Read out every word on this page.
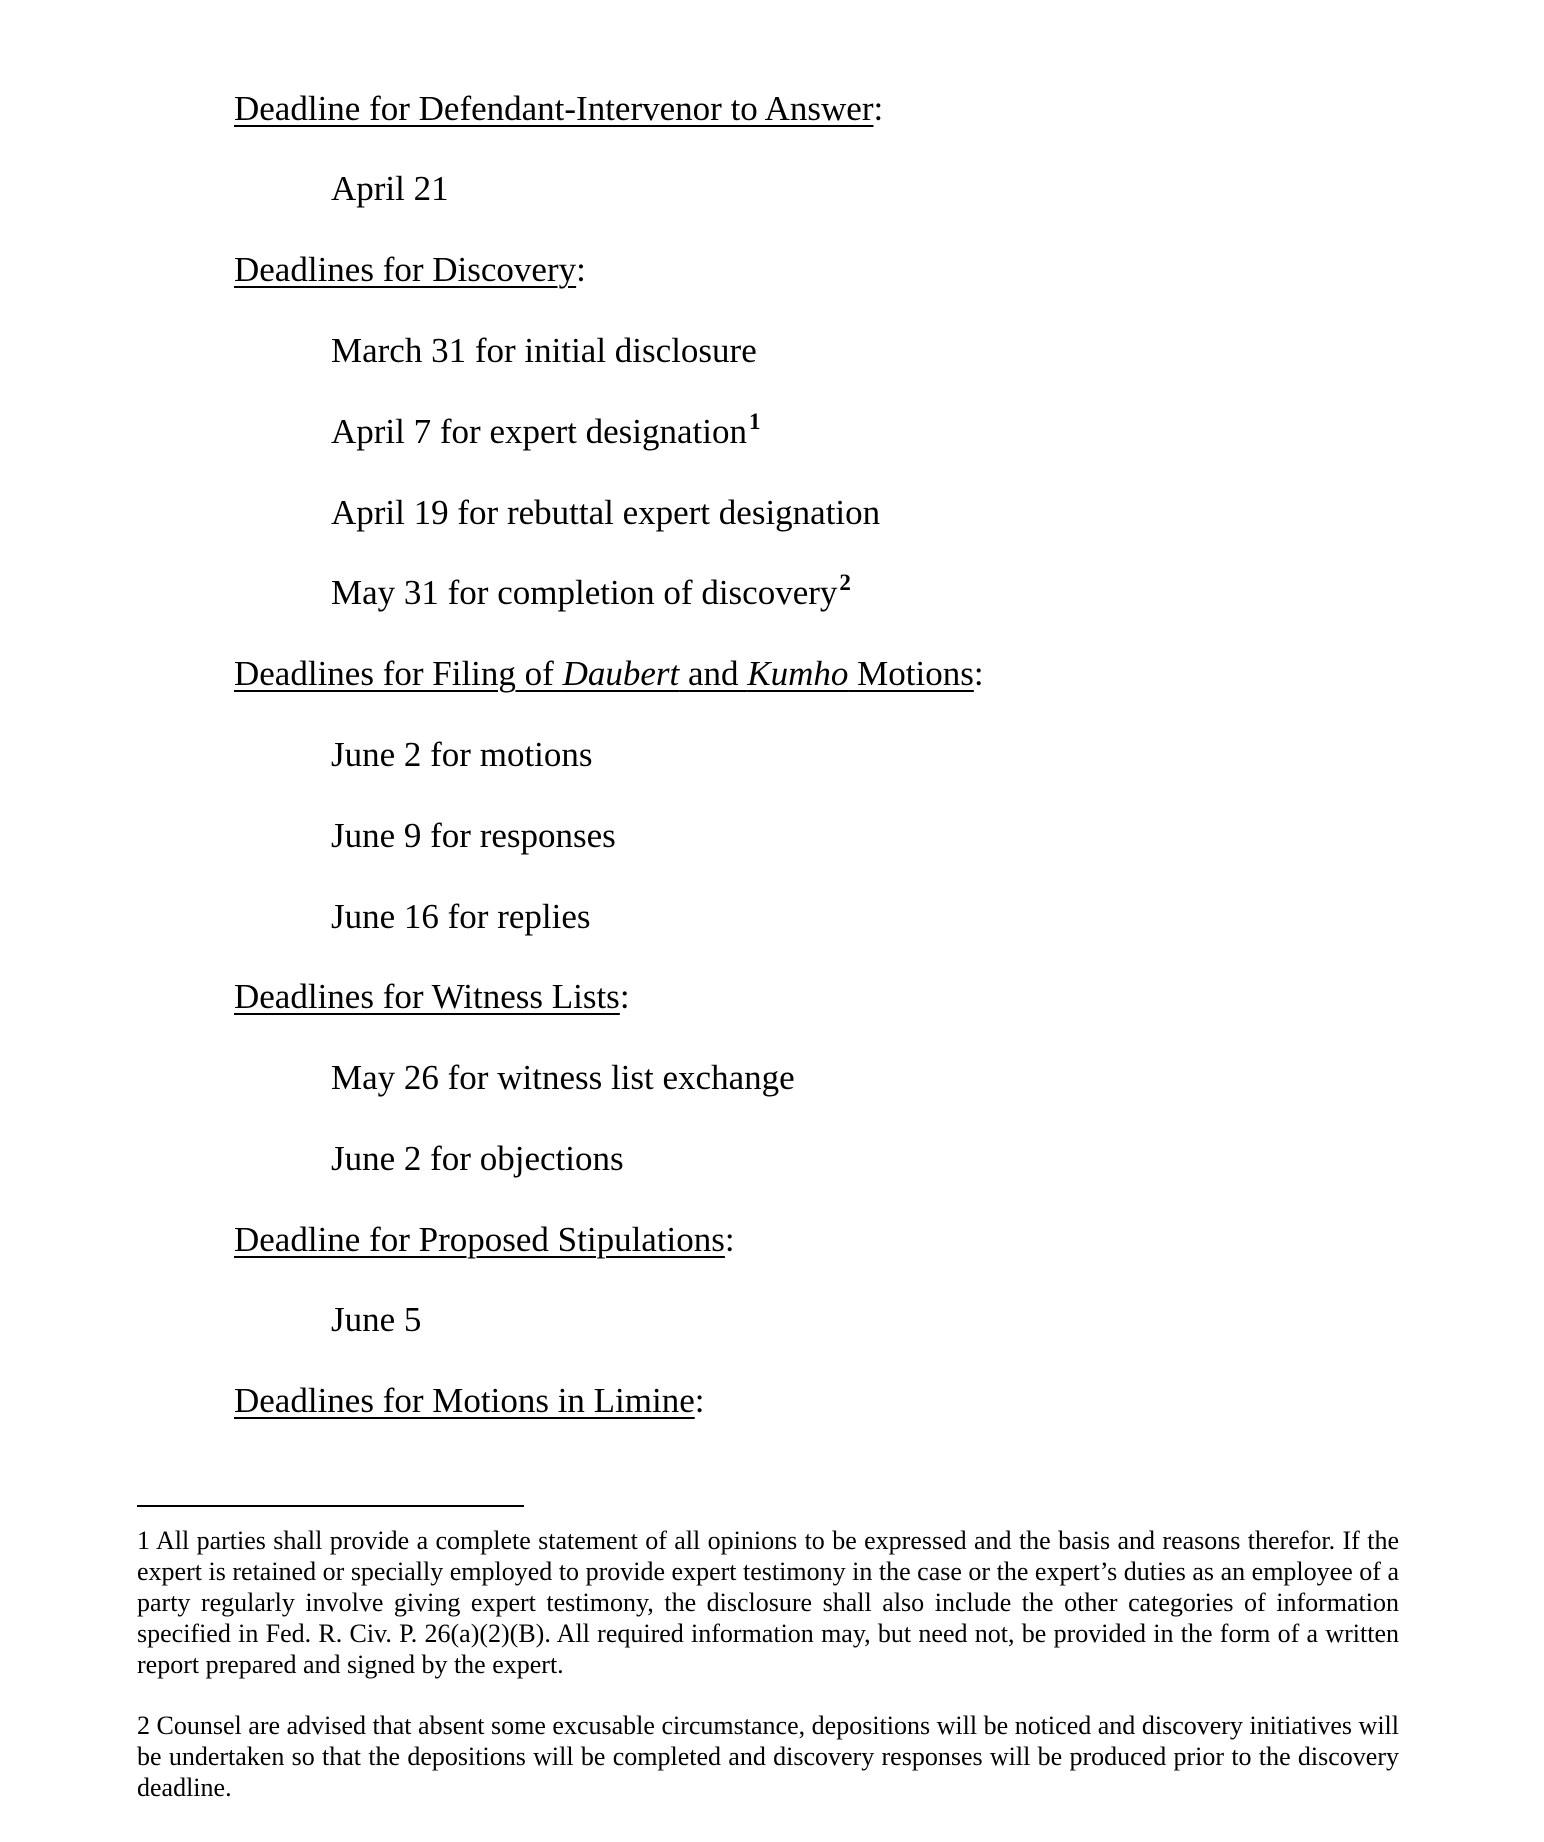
Deadline for Defendant-Intervenor to Answer:

April 21

Deadlines for Discovery:

March 31 for initial disclosure

April 7 for expert designation$^1$

April 19 for rebuttal expert designation

May 31 for completion of discovery$^2$

Deadlines for Filing of Daubert and Kumho Motions:

June 2 for motions

June 9 for responses

June 16 for replies

Deadlines for Witness Lists:

May 26 for witness list exchange

June 2 for objections

Deadline for Proposed Stipulations:

June 5

Deadlines for Motions in Limine:

1 All parties shall provide a complete statement of all opinions to be expressed and the basis and reasons therefor. If the expert is retained or specially employed to provide expert testimony in the case or the expert’s duties as an employee of a party regularly involve giving expert testimony, the disclosure shall also include the other categories of information specified in Fed. R. Civ. P. 26(a)(2)(B). All required information may, but need not, be provided in the form of a written report prepared and signed by the expert.

2 Counsel are advised that absent some excusable circumstance, depositions will be noticed and discovery initiatives will be undertaken so that the depositions will be completed and discovery responses will be produced prior to the discovery deadline.
